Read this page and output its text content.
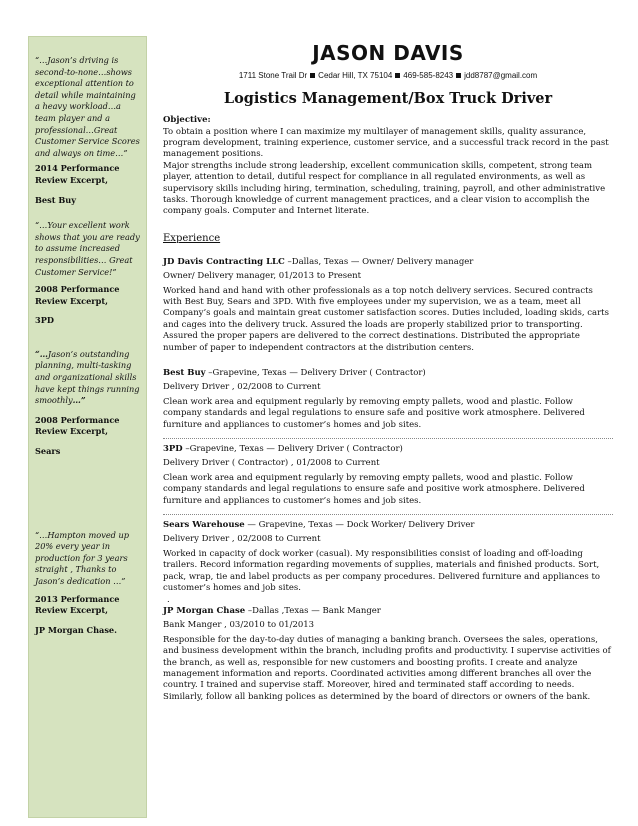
“…Jason’s driving is second-to-none…shows exceptional attention to detail while maintaining a heavy workload…a team player and a professional…Great Customer Service Scores and always on time…”

2014 Performance Review Excerpt,

Best Buy

“…Your excellent work shows that you are ready to assume increased responsibilities… Great Customer Service!”

2008 Performance Review Excerpt,

3PD

“…Jason’s outstanding planning, multi-tasking and organizational skills have kept things running smoothly…”

2008 Performance Review Excerpt,

Sears

“…Hampton moved up 20% every year in production for 3 years straight , Thanks to Jason’s dedication …”

2013 Performance Review Excerpt,

JP Morgan Chase.

JASON DAVIS
1711 Stone Trail Dr Cedar Hill, TX 75104 469-585-8243 jdd8787@gmail.com
Logistics Management/Box Truck Driver
Objective:

To obtain a position where I can maximize my multilayer of management skills, quality assurance, program development, training experience, customer service, and a successful track record in the past management positions.

Major strengths include strong leadership, excellent communication skills, competent, strong team player, attention to detail, dutiful respect for compliance in all regulated environments, as well as supervisory skills including hiring, termination, scheduling, training, payroll, and other administrative tasks. Thorough knowledge of current management practices, and a clear vision to accomplish the company goals. Computer and Internet literate.

Experience

JD Davis Contracting LLC –Dallas, Texas — Owner/ Delivery manager

Owner/ Delivery manager, 01/2013 to Present

Worked hand and hand with other professionals as a top notch delivery services. Secured contracts with Best Buy, Sears and 3PD. With five employees under my supervision, we as a team, meet all Company’s goals and maintain great customer satisfaction scores. Duties included, loading skids, carts and cages into the delivery truck. Assured the loads are properly stabilized prior to transporting. Assured the proper papers are delivered to the correct destinations. Distributed the appropriate number of paper to independent contractors at the distribution centers.

Best Buy –Grapevine, Texas — Delivery Driver ( Contractor)

Delivery Driver , 02/2008 to Current

Clean work area and equipment regularly by removing empty pallets, wood and plastic. Follow company standards and legal regulations to ensure safe and positive work atmosphere. Delivered furniture and appliances to customer’s homes and job sites.

3PD –Grapevine, Texas — Delivery Driver ( Contractor)

Delivery Driver ( Contractor) , 01/2008 to Current

Clean work area and equipment regularly by removing empty pallets, wood and plastic. Follow company standards and legal regulations to ensure safe and positive work atmosphere. Delivered furniture and appliances to customer’s homes and job sites.

Sears Warehouse — Grapevine, Texas — Dock Worker/ Delivery Driver

Delivery Driver , 02/2008 to Current

Worked in capacity of dock worker (casual). My responsibilities consist of loading and off-loading trailers. Record information regarding movements of supplies, materials and finished products. Sort, pack, wrap, tie and label products as per company procedures. Delivered furniture and appliances to customer’s homes and job sites.

.

JP Morgan Chase –Dallas ,Texas — Bank Manger

Bank Manger , 03/2010 to 01/2013

Responsible for the day-to-day duties of managing a banking branch. Oversees the sales, operations, and business development within the branch, including profits and productivity. I supervise activities of the branch, as well as, responsible for new customers and boosting profits. I create and analyze management information and reports. Coordinated activities among different branches all over the country. I trained and supervise staff. Moreover, hired and terminated staff according to needs. Similarly, follow all banking polices as determined by the board of directors or owners of the bank.
